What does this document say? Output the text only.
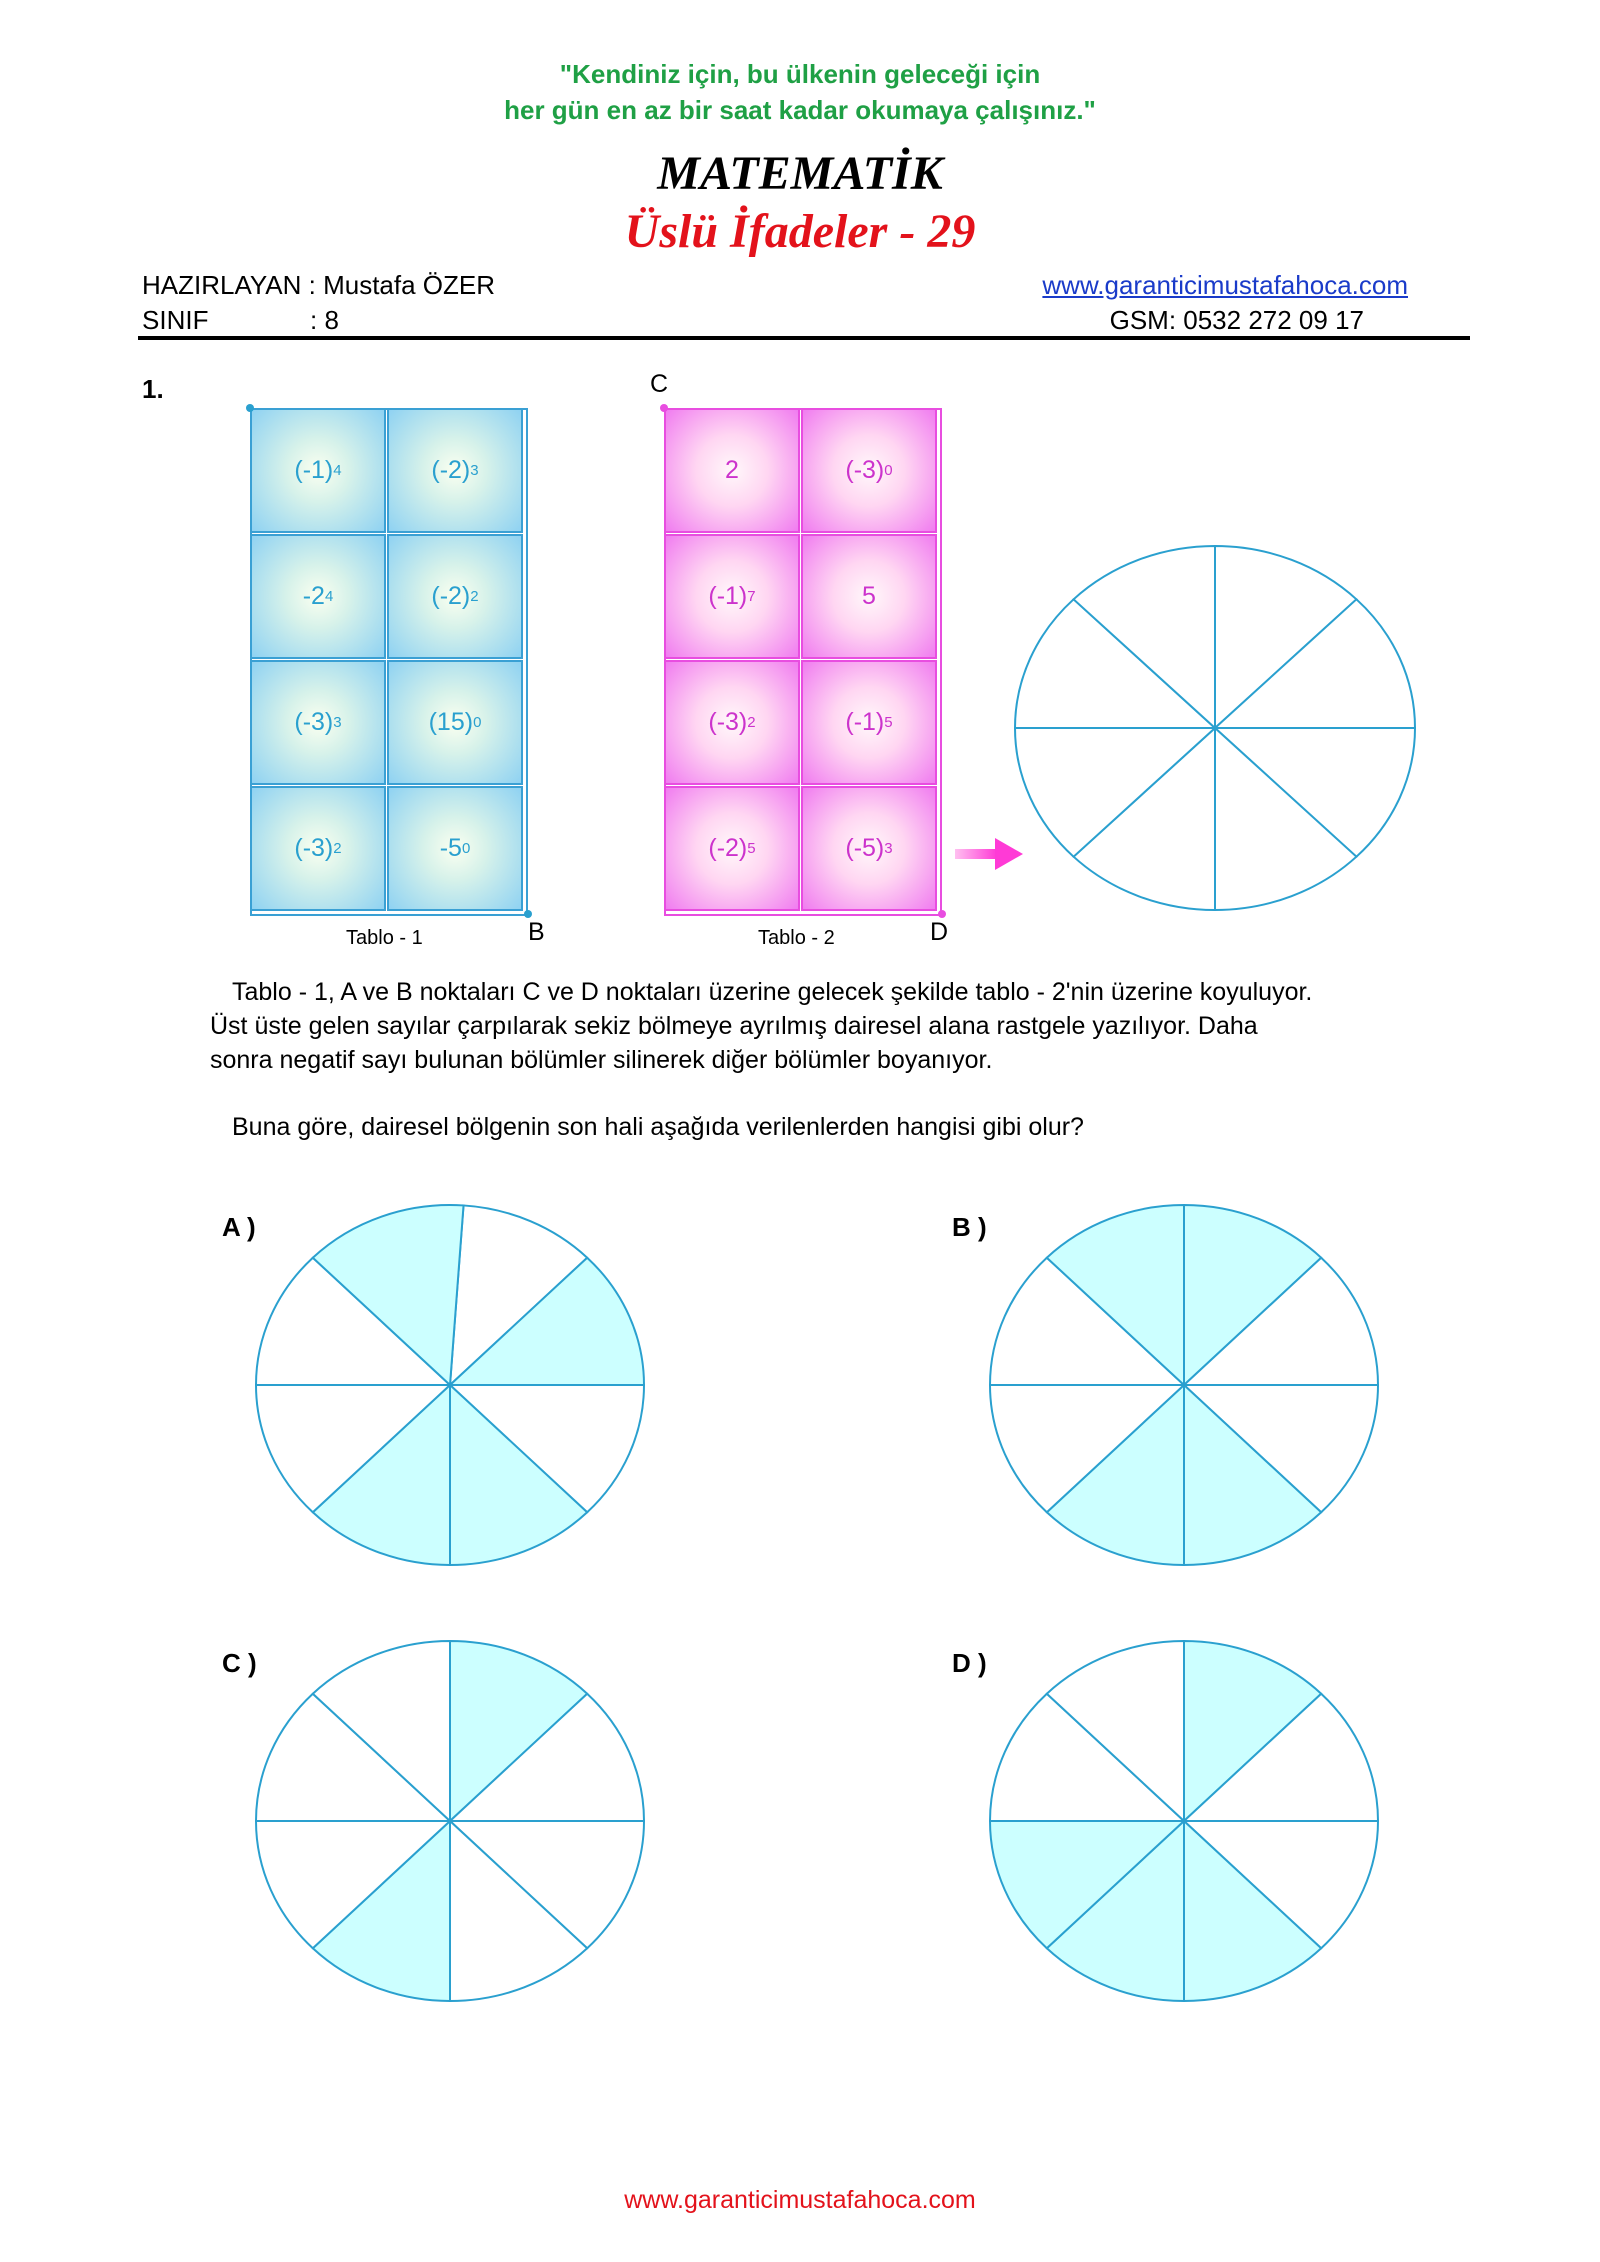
"Kendiniz için, bu ülkenin geleceği için
her gün en az bir saat kadar okumaya çalışınız."
MATEMATİK
Üslü İfadeler - 29
HAZIRLAYAN : Mustafa ÖZER
SINIF	: 8
www.garanticimustafahoca.com
GSM: 0532 272 09 17
1.
(-1) 4	(-2) 3
-2 4	(-2) 2
(-3) 3	(15) 0
(-3) 2	-5 0
B
Tablo - 1
2	(-3) 0
(-1) 7	5
(-3) 2	(-1) 5
(-2) 5	(-5) 3
C
D
Tablo - 2
Tablo - 1, A ve B noktaları C ve D noktaları üzerine gelecek şekilde tablo - 2'nin üzerine koyuluyor.
Üst üste gelen sayılar çarpılarak sekiz bölmeye ayrılmış dairesel alana rastgele yazılıyor. Daha
sonra negatif sayı bulunan bölümler silinerek diğer bölümler boyanıyor.
Buna göre, dairesel bölgenin son hali aşağıda verilenlerden hangisi gibi olur?
A )	B )
C )	D )
www.garanticimustafahoca.com
